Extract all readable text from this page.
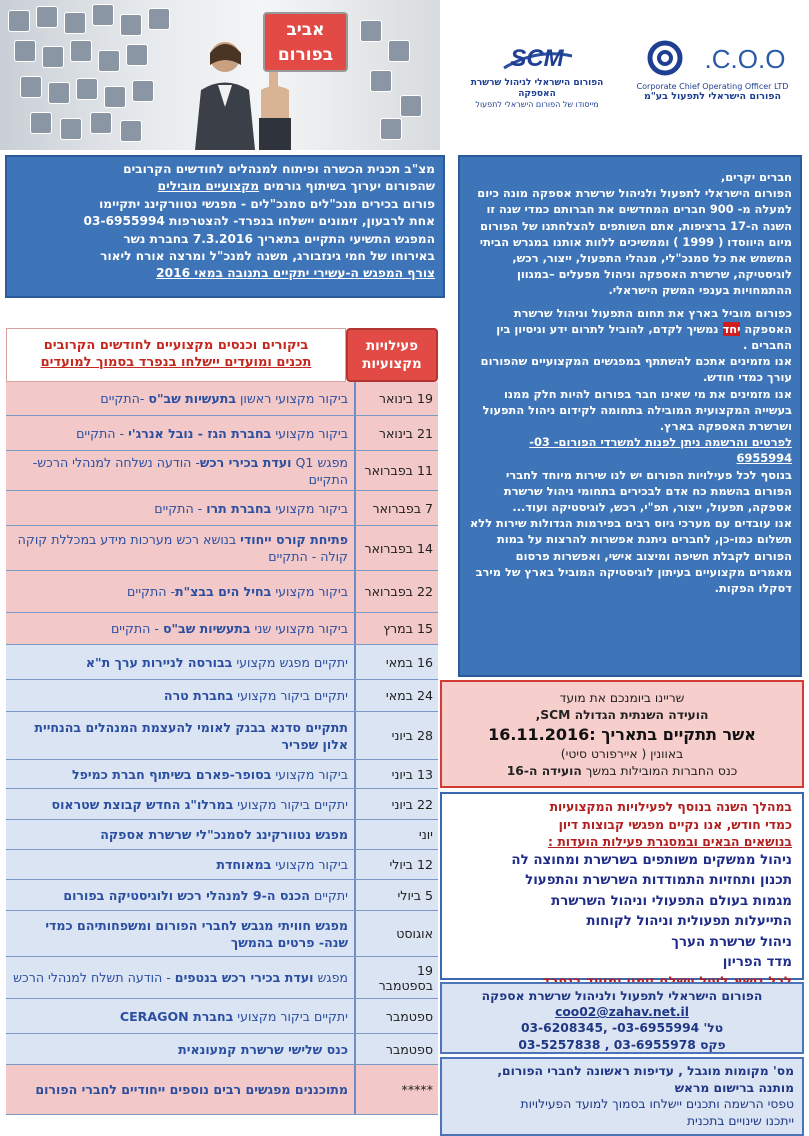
אביב
בפורום	SCM
הפורום הישראלי לניהול שרשרת האספקה
מייסודו של הפורום הישראלי לתפעול
C.O.O.
Corporate Chief Operating Officer LTD
הפורום הישראלי לתפעול בע"מ
מצ"ב תכנית הכשרה ופיתוח למנהלים לחודשים הקרובים
שהפורום יערוך בשיתוף גורמים מקצועיים מובילים
פורום בכירים מנכ"לים סמנכ"לים - מפגשי נטוורקינג יתקיימו
אחת לרבעון, זימונים יישלחו בנפרד- להצטרפות 03-6955994
המפגש התשיעי התקיים בתאריך 7.3.2016 בחברת נשר
באירוחו של חמי גינזבורג, משנה למנכ"ל ומרצה אורח ליאור
צורף המפגש ה-עשירי יתקיים בתנובה במאי 2016

חברים יקרים,

הפורום הישראלי לתפעול ולניהול שרשרת אספקה מונה כיום למעלה מ- 900 חברים המחדשים את חברותם כמדי שנה זו השנה ה-17 ברציפות, אתם השותפים להצלחתנו של הפורום מיום היווסדו ( 1999 ) וממשיכים ללוות אותנו במגרש הביתי המשמש את כל סמנכ"לי, מנהלי התפעול, ייצור, רכש, לוגיסטיקה, שרשרת האספקה וניהול מפעלים –במגוון ההתמחויות בענפי המשק הישראלי.

כפורום מוביל בארץ את תחום התפעול וניהול שרשרת האספקה יחד נמשיך לקדם, להוביל לתרום ידע וניסיון בין החברים .

אנו מזמינים אתכם להשתתף במפגשים המקצועיים שהפורום עורך כמדי חודש.

אנו מזמינים את מי שאינו חבר בפורום להיות חלק ממנו בעשייה המקצועית המובילה בתחומה לקידום ניהול התפעול ושרשרת האספקה בארץ.

לפרטים והרשמה ניתן לפנות למשרדי הפורום- 03- 6955994

בנוסף לכל פעילויות הפורום יש לנו שירות מיוחד לחברי הפורום בהשמת כח אדם לבכירים בתחומי ניהול שרשרת אספקה, תפעול, ייצור, תפ"י, רכש, לוגיסטיקה ועוד...

אנו עובדים עם מערכי גיוס רבים בפירמות הגדולות שירות ללא תשלום כמו-כן, לחברים ניתנת אפשרות להרצות על במות הפורום לקבלת חשיפה ומיצוב אישי, ואפשרות פרסום מאמרים מקצועיים בעיתון לוגיסטיקה המוביל בארץ של מירב דסקלו הפקות.

פעילויות
מקצועיות
ביקורים וכנסים מקצועיים לחודשים הקרובים
תכנים ומועדים יישלחו בנפרד בסמוך למועדים
19 בינואר
ביקור מקצועי ראשון בתעשיות שב"ס -התקיים
21 בינואר
ביקור מקצועי בחברת הגז - נובל אנרג'י - התקיים
11 בפברואר
מפגש Q1 ועדת בכירי רכש- הודעה נשלחה למנהלי הרכש- התקיים
7 בפברואר
ביקור מקצועי בחברת תרו - התקיים
14 בפברואר
פתיחת קורס ייחודי בנושא רכש מערכות מידע במכללת קוקה קולה - התקיים
22 בפברואר
ביקור מקצועי בחיל הים בבצ"ת- התקיים
15 במרץ
ביקור מקצועי שני בתעשיות שב"ס - התקיים
16 במאי
יתקיים מפגש מקצועי בבורסה לניירות ערך ת"א
24 במאי
יתקיים ביקור מקצועי בחברת טרה
28 ביוני
תתקיים סדנא בבנק לאומי להעצמת המנהלים בהנחיית אלון שפריר
13 ביוני
ביקור מקצועי בסופר-פארם בשיתוף חברת כמיפל
22 ביוני
יתקיים ביקור מקצועי במרלו"ג החדש קבוצת שטראוס
יוני
מפגש נטוורקינג לסמנכ"לי שרשרת אספקה
12 ביולי
ביקור מקצועי במאוחדת
5 ביולי
יתקיים הכנס ה-9 למנהלי רכש ולוגיסטיקה בפורום
אוגוסט
מפגש חוויתי מגבש לחברי הפורום ומשפחותיהם כמדי שנה- פרטים בהמשך
19 בספטמבר
מפגש ועדת בכירי רכש בנטפים - הודעה תשלח למנהלי הרכש
ספטמבר
יתקיים ביקור מקצועי בחברת CERAGON
ספטמבר
כנס שלישי שרשרת קמעונאית
*****
מתוכננים מפגשים רבים נוספים ייחודיים לחברי הפורום
שריינו ביומנכם את מועד
הועידה השנתית הגדולה SCM,
אשר תתקיים בתאריך :16.11.2016
באוונין ( איירפורט סיטי)
כנס החברות המובילות במשך הועידה ה-16
במהלך השנה בנוסף לפעילויות המקצועיות
כמדי חודש, אנו נקיים מפגשי קבוצות דיון
בנושאים הבאים ובמסגרת פעילות הועדות :
ניהול ממשקים משותפים בשרשרת ומחוצה לה
תכנון ותחזיות התמודדות השרשרת והתפעול
מגמות בעולם התפעולי וניהול השרשרת
התייעלות תפעולית וניהול לקוחות
ניהול שרשרת הערך
מדד הפריון
הפורום הישראלי לתפעול ולניהול שרשרת אספקה
coo02@zahav.net.il
טל' 03-6955994- ,03-6208345
פקס 03-6955978 , 03-5257838
מס' מקומות מוגבל , עדיפות ראשונה לחברי הפורום,
מותנה ברישום מראש
טפסי הרשמה ותכנים יישלחו בסמוך למועד הפעילויות
ייתכנו שינויים בתכנית
